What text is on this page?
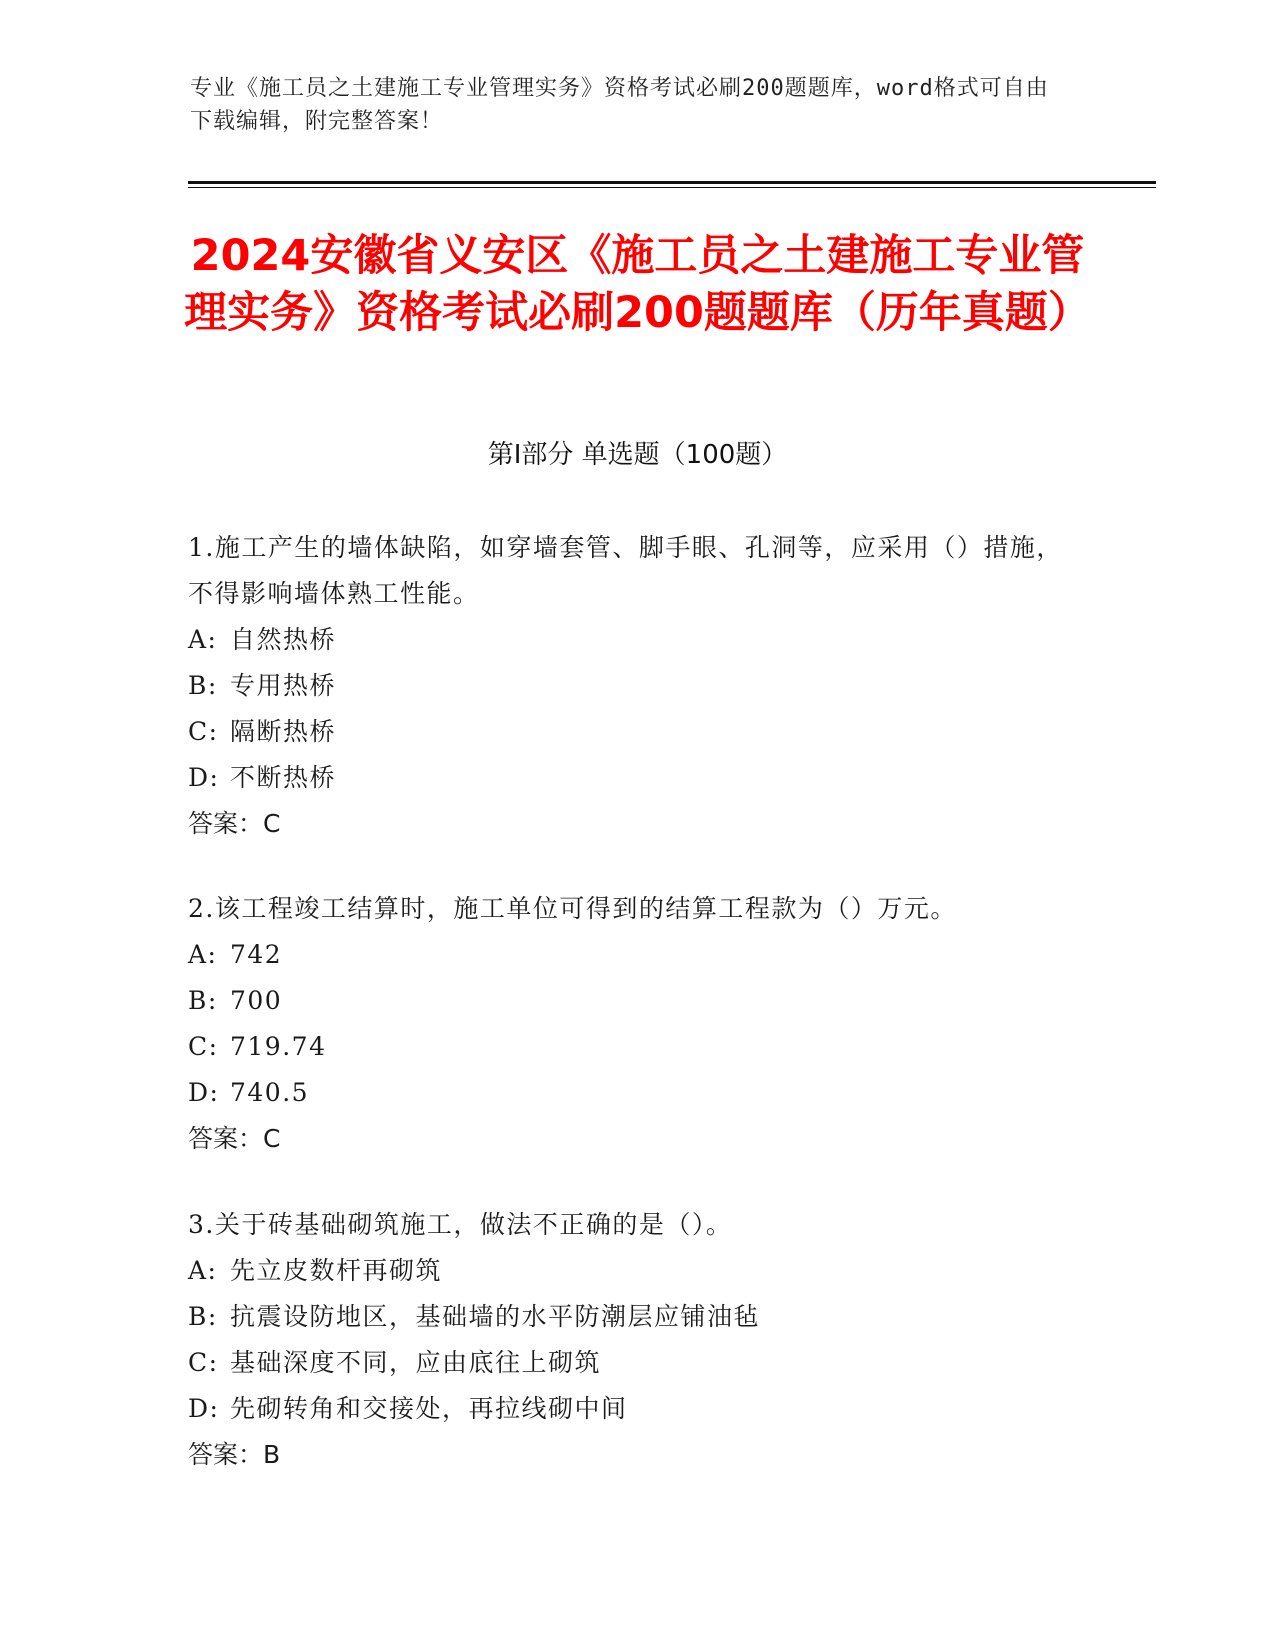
专业《施工员之土建施工专业管理实务》资格考试必刷200题题库，word格式可自由下载编辑，附完整答案！
2024安徽省义安区《施工员之土建施工专业管理实务》资格考试必刷200题题库（历年真题）
第I部分 单选题（100题）

1.施工产生的墙体缺陷，如穿墙套管、脚手眼、孔洞等，应采用（）措施，不得影响墙体熟工性能。

A: 自然热桥
B: 专用热桥
C: 隔断热桥
D: 不断热桥
答案：C

2.该工程竣工结算时，施工单位可得到的结算工程款为（）万元。

A: 742
B: 700
C: 719.74
D: 740.5
答案：C

3.关于砖基础砌筑施工，做法不正确的是（）。

A: 先立皮数杆再砌筑
B: 抗震设防地区，基础墙的水平防潮层应铺油毡
C: 基础深度不同，应由底往上砌筑
D: 先砌转角和交接处，再拉线砌中间
答案：B
